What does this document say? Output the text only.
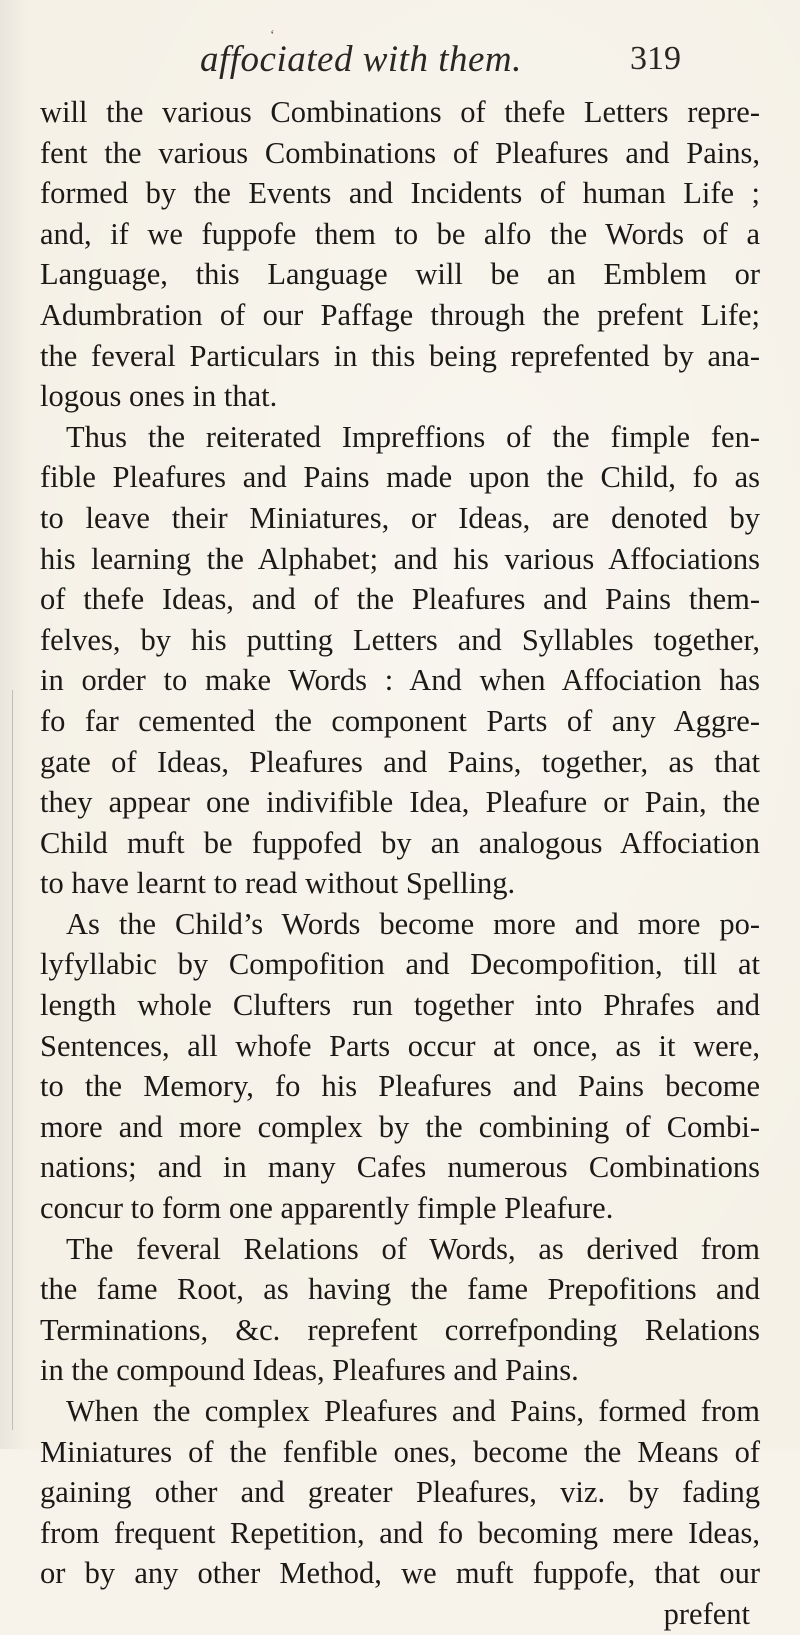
‘
affociated with them.	319
will the various Combinations of thefe Letters repre-
fent the various Combinations of Pleafures and Pains,
formed by the Events and Incidents of human Life ;
and, if we fuppofe them to be alfo the Words of a
Language, this Language will be an Emblem or
Adumbration of our Paffage through the prefent Life;
the feveral Particulars in this being reprefented by ana-
logous ones in that.
Thus the reiterated Impreffions of the fimple fen-
fible Pleafures and Pains made upon the Child, fo as
to leave their Miniatures, or Ideas, are denoted by
his learning the Alphabet; and his various Affociations
of thefe Ideas, and of the Pleafures and Pains them-
felves, by his putting Letters and Syllables together,
in order to make Words : And when Affociation has
fo far cemented the component Parts of any Aggre-
gate of Ideas, Pleafures and Pains, together, as that
they appear one indivifible Idea, Pleafure or Pain, the
Child muft be fuppofed by an analogous Affociation
to have learnt to read without Spelling.
As the Child’s Words become more and more po-
lyfyllabic by Compofition and Decompofition, till at
length whole Clufters run together into Phrafes and
Sentences, all whofe Parts occur at once, as it were,
to the Memory, fo his Pleafures and Pains become
more and more complex by the combining of Combi-
nations; and in many Cafes numerous Combinations
concur to form one apparently fimple Pleafure.
The feveral Relations of Words, as derived from
the fame Root, as having the fame Prepofitions and
Terminations, &c. reprefent correfponding Relations
in the compound Ideas, Pleafures and Pains.
When the complex Pleafures and Pains, formed from
Miniatures of the fenfible ones, become the Means of
gaining other and greater Pleafures, viz. by fading
from frequent Repetition, and fo becoming mere Ideas,
or by any other Method, we muft fuppofe, that our
prefent
